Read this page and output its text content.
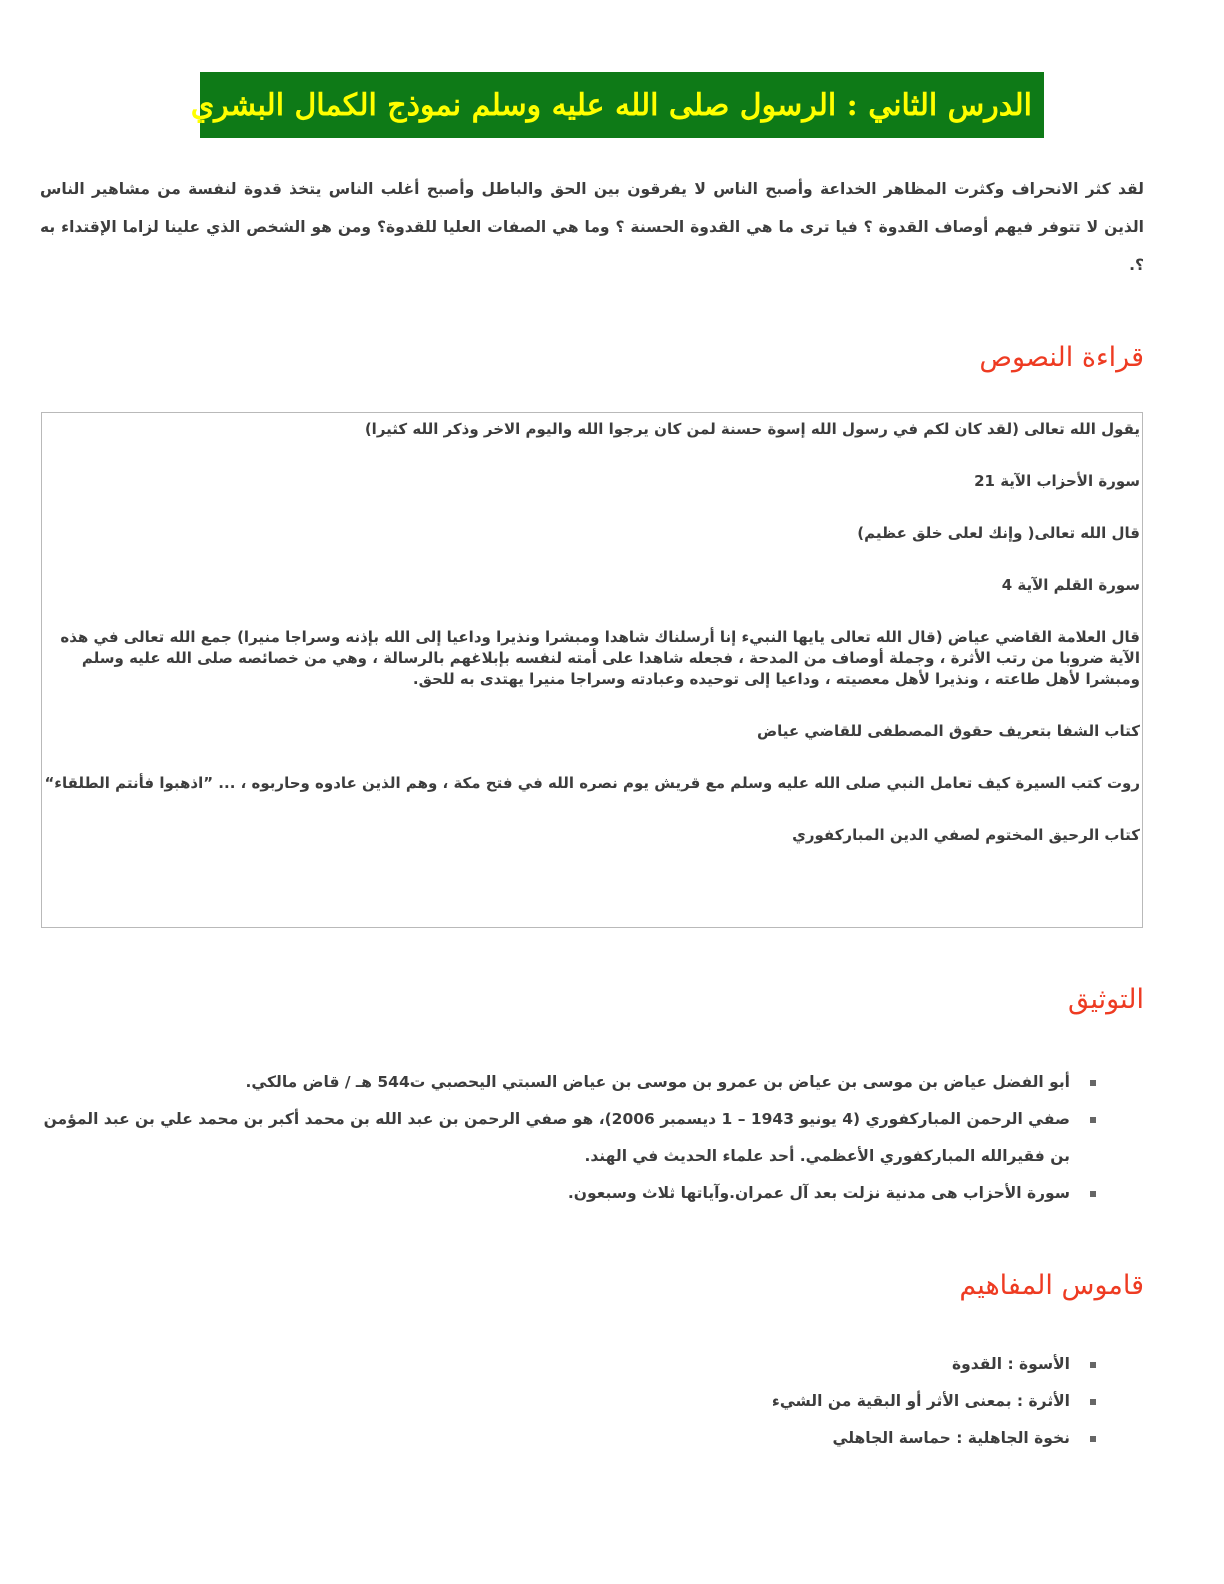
الدرس الثاني : الرسول صلى الله عليه وسلم نموذج الكمال البشري

لقد كثر الانحراف وكثرت المظاهر الخداعة وأصبح الناس لا يفرقون بين الحق والباطل وأصبح أغلب الناس يتخذ قدوة لنفسة من مشاهير الناس الذين لا تتوفر فيهم أوصاف القدوة ؟ فيا ترى ما هي القدوة الحسنة ؟ وما هي الصفات العليا للقدوة؟ ومن هو الشخص الذي علينا لزاما الإقتداء به ؟.

قراءة النصوص

يقول الله تعالى (لقد كان لكم في رسول الله إسوة حسنة لمن كان يرجوا الله واليوم الاخر وذكر الله كثيرا)

سورة الأحزاب الآية 21

قال الله تعالى( وإنك لعلى خلق عظيم)

سورة القلم الآية 4

قال العلامة القاضي عياض (قال الله تعالى يايها النبيء إنا أرسلناك شاهدا ومبشرا ونذيرا وداعيا إلى الله بإذنه وسراجا منيرا) جمع الله تعالى في هذه الآية ضروبا من رتب الأثرة ، وجملة أوصاف من المدحة ، فجعله شاهدا على أمته لنفسه بإبلاغهم بالرسالة ، وهي من خصائصه صلى الله عليه وسلم ومبشرا لأهل طاعته ، ونذيرا لأهل معصيته ، وداعيا إلى توحيده وعبادته وسراجا منيرا يهتدى به للحق.

كتاب الشفا بتعريف حقوق المصطفى للقاضي عياض

روت كتب السيرة كيف تعامل النبي صلى الله عليه وسلم مع قريش يوم نصره الله في فتح مكة ، وهم الذين عادوه وحاربوه ، ... ”اذهبوا فأنتم الطلقاء“

كتاب الرحيق المختوم لصفي الدين المباركفوري

التوثيق
أبو الفضل عياض بن موسى بن عياض بن عمرو بن موسى بن عياض السبتي اليحصبي ت544 هـ / قاض مالكي.
صفي الرحمن المباركفوري (4 يونيو 1943 – 1 ديسمبر 2006)، هو صفي الرحمن بن عبد الله بن محمد أكبر بن محمد علي بن عبد المؤمن بن فقيرالله المباركفوري الأعظمي. أحد علماء الحديث في الهند.
سورة الأحزاب هى مدنية نزلت بعد آل عمران.وآياتها ثلاث وسبعون.
قاموس المفاهيم
الأسوة : القدوة
الأثرة : بمعنى الأثر أو البقية من الشيء
نخوة الجاهلية : حماسة الجاهلي
